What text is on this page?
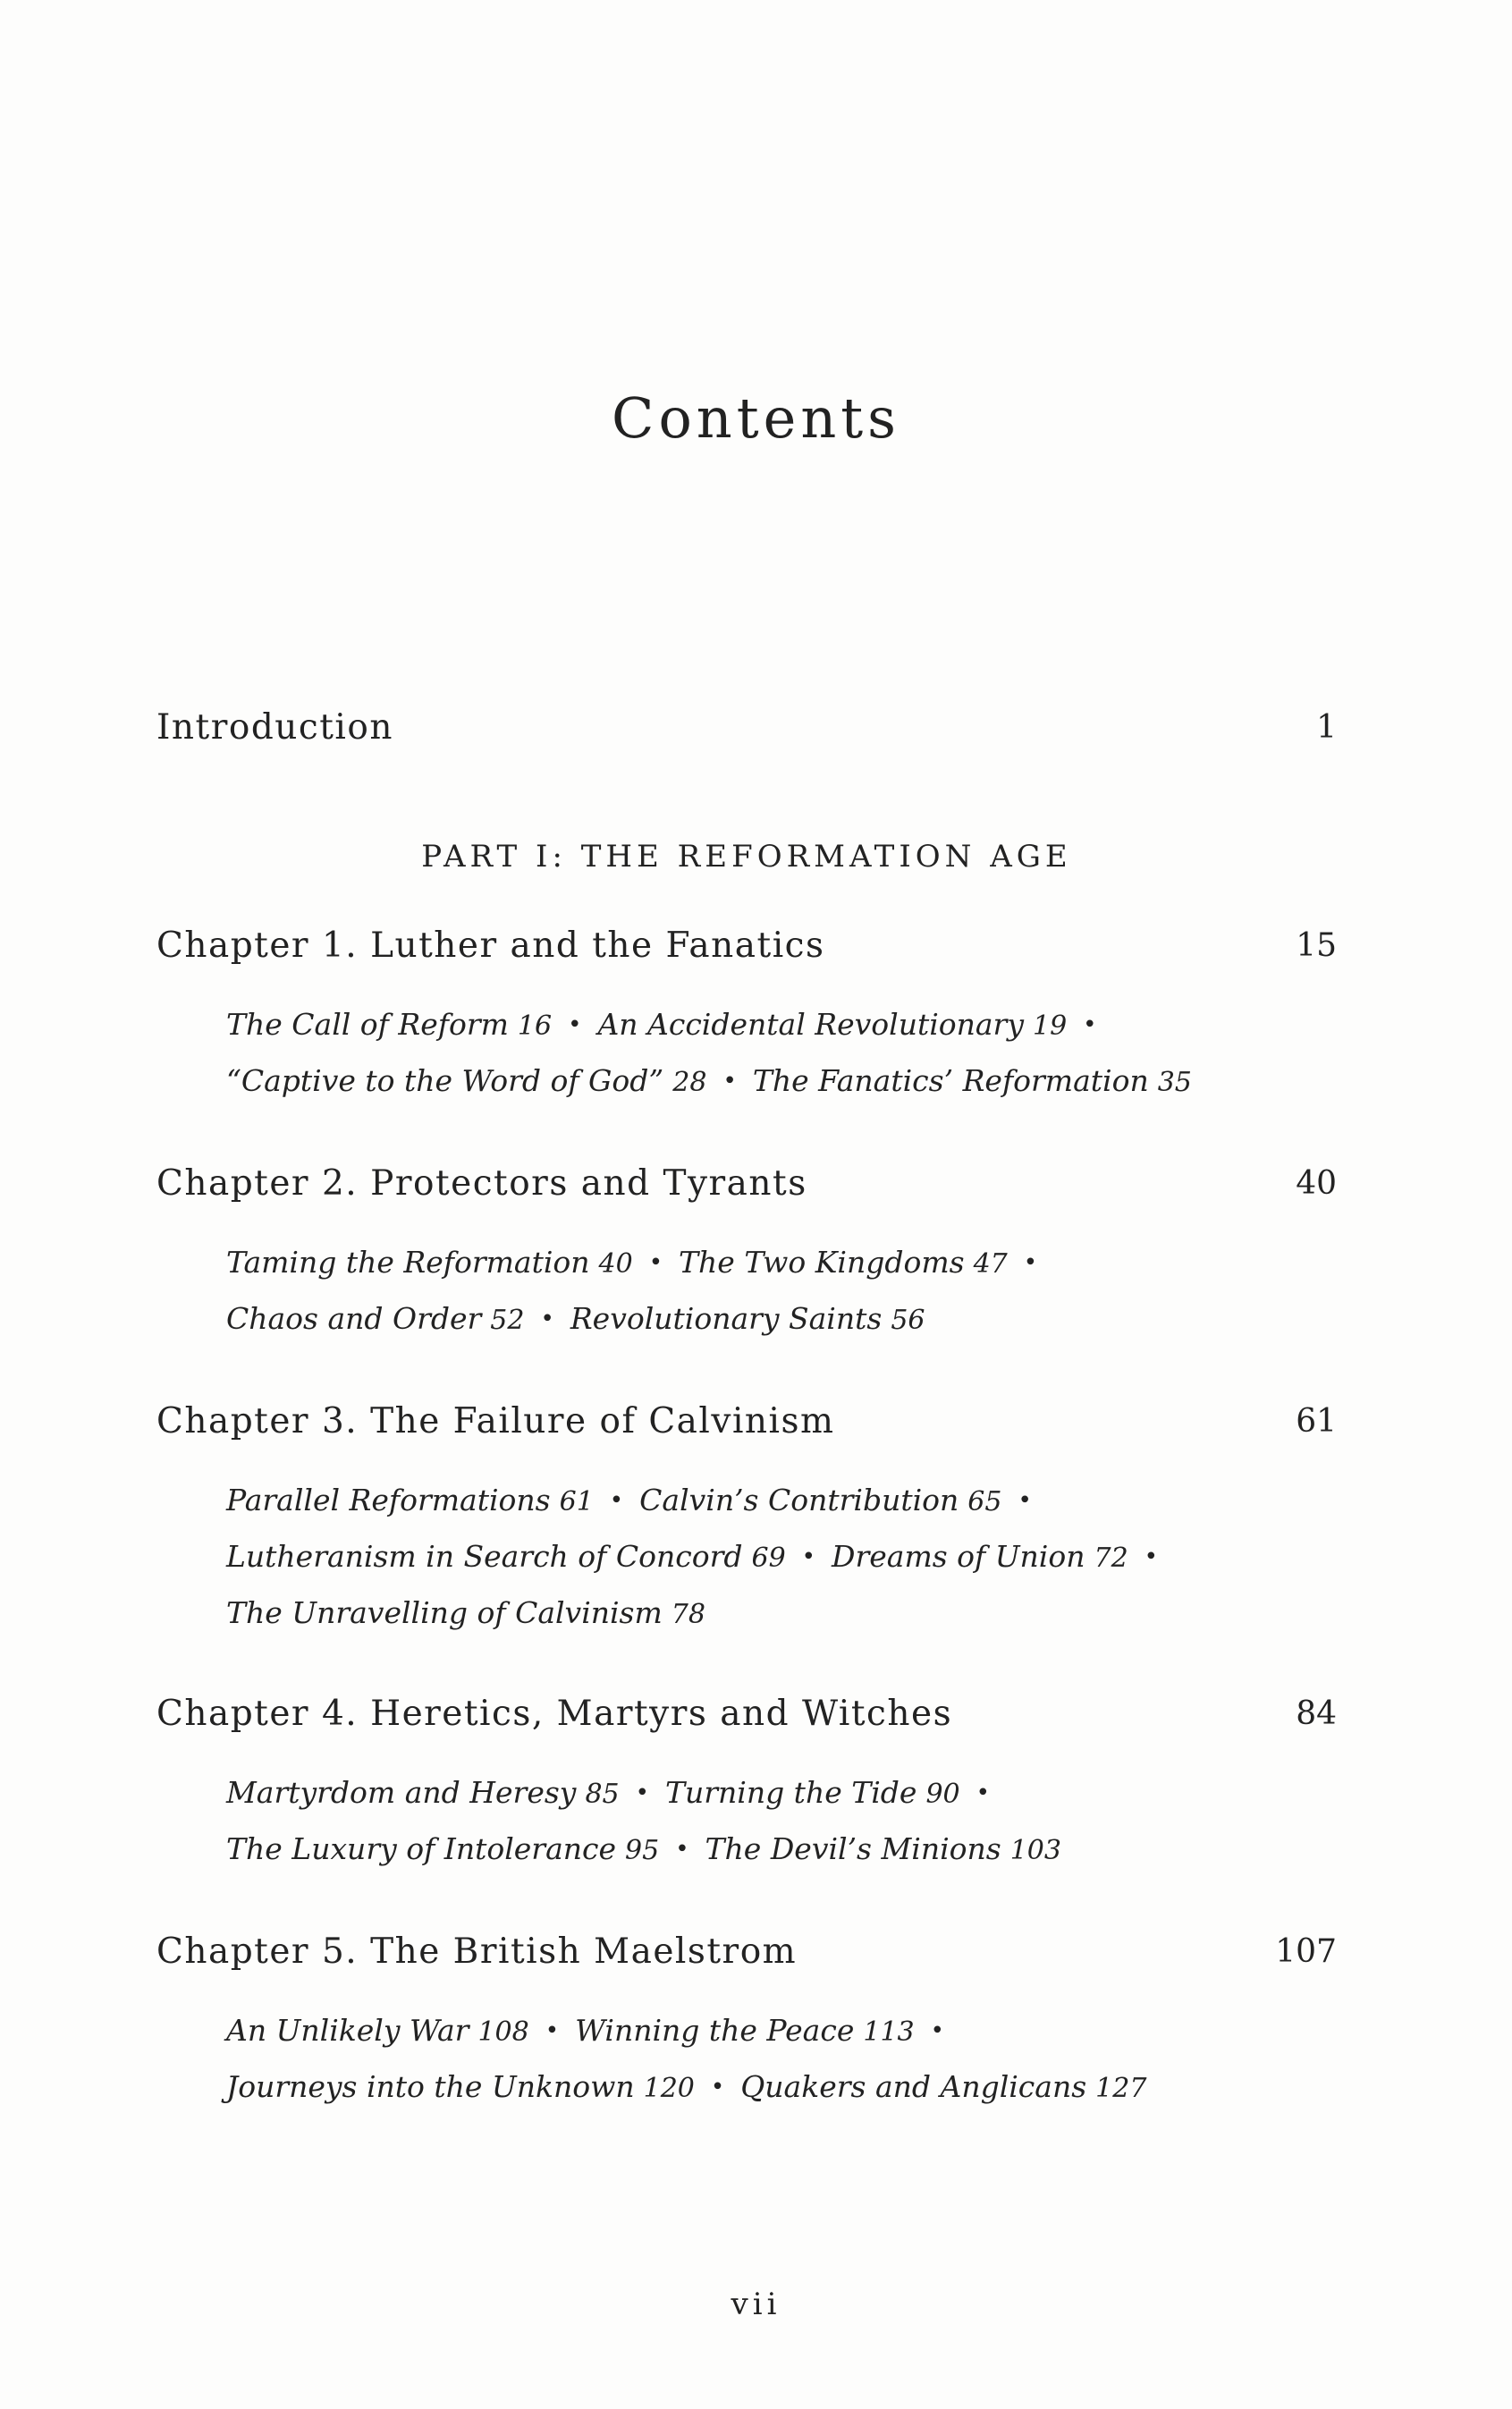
Contents
Introduction	1
PART I: THE REFORMATION AGE
Chapter 1. Luther and the Fanatics	15
The Call of Reform 16 • An Accidental Revolutionary 19 •
“Captive to the Word of God” 28 • The Fanatics’ Reformation 35
Chapter 2. Protectors and Tyrants	40
Taming the Reformation 40 • The Two Kingdoms 47 •
Chaos and Order 52 • Revolutionary Saints 56
Chapter 3. The Failure of Calvinism	61
Parallel Reformations 61 • Calvin’s Contribution 65 •
Lutheranism in Search of Concord 69 • Dreams of Union 72 •
The Unravelling of Calvinism 78
Chapter 4. Heretics, Martyrs and Witches	84
Martyrdom and Heresy 85 • Turning the Tide 90 •
The Luxury of Intolerance 95 • The Devil’s Minions 103
Chapter 5. The British Maelstrom	107
An Unlikely War 108 • Winning the Peace 113 •
Journeys into the Unknown 120 • Quakers and Anglicans 127
vii
